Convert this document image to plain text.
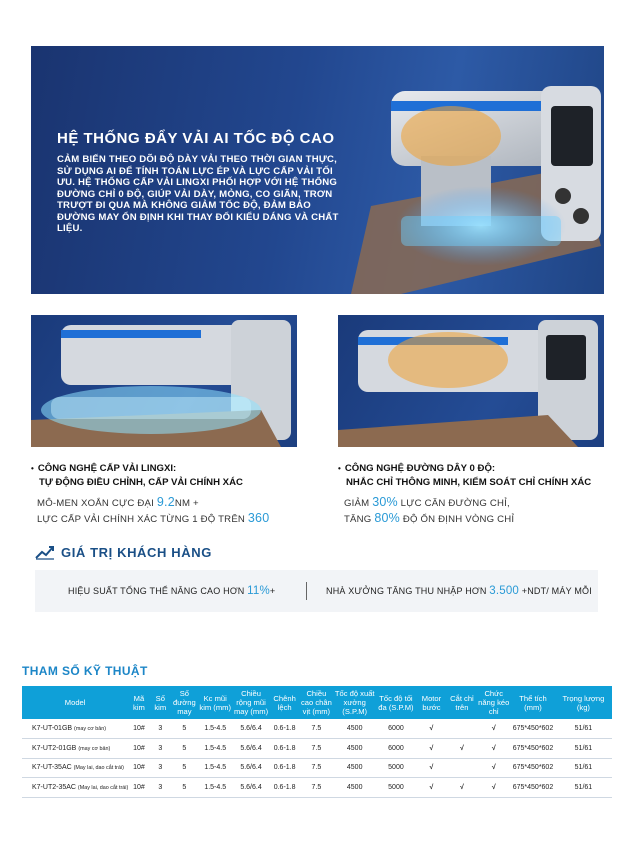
HỆ THỐNG ĐẨY VẢI AI TỐC ĐỘ CAO
CẢM BIẾN THEO DÕI ĐỘ DÀY VẢI THEO THỜI GIAN THỰC,
SỬ DỤNG AI ĐỂ TÍNH TOÁN LỰC ÉP VÀ LỰC CẤP VẢI TỐI
ƯU. HỆ THỐNG CẤP VẢI LINGXI PHỐI HỢP VỚI HỆ THỐNG
ĐƯỜNG CHỈ 0 ĐỘ, GIÚP VẢI DÀY, MỎNG, CO GIÃN, TRƠN
TRƯỢT ĐI QUA MÀ KHÔNG GIẢM TỐC ĐỘ, ĐẢM BẢO
ĐƯỜNG MAY ỔN ĐỊNH KHI THAY ĐỔI KIỂU DÁNG VÀ CHẤT
LIỆU.
• CÔNG NGHỆ CẤP VẢI LINGXI:
TỰ ĐỘNG ĐIỀU CHỈNH, CẤP VẢI CHÍNH XÁC
MÔ-MEN XOẮN CỰC ĐẠI 9.2NM +
LỰC CẤP VẢI CHÍNH XÁC TỪNG 1 ĐỘ TRÊN 360
• CÔNG NGHỆ ĐƯỜNG DÂY 0 ĐỘ:
NHẮC CHỈ THÔNG MINH, KIỂM SOÁT CHỈ CHÍNH XÁC
GIẢM 30% LỰC CĂN ĐƯỜNG CHỈ,
TĂNG 80% ĐỘ ỔN ĐỊNH VÒNG CHỈ
GIÁ TRỊ KHÁCH HÀNG
HIỆU SUẤT TỔNG THỂ NÂNG CAO HƠN 11%+	NHÀ XƯỞNG TĂNG THU NHẬP HƠN 3.500 +NDT/ MÁY MỖI
THAM SỐ KỸ THUẬT
Model	Mã kim	Số kim	Số đường may	Kc mũi kim (mm)	Chiều rộng mũi may (mm)	Chênh lệch	Chiều cao chân vịt (mm)	Tốc độ xuất xưởng (S.P.M)	Tốc độ tối đa (S.P.M)	Motor bước	Cắt chỉ trên	Chức năng kéo chỉ	Thể tích (mm)	Trọng lượng (kg)
K7-UT-01GB (may cơ bản)	10#	3	5	1.5-4.5	5.6/6.4	0.6-1.8	7.5	4500	6000	√		√	675*450*602	51/61
K7-UT2-01GB (may cơ bản)	10#	3	5	1.5-4.5	5.6/6.4	0.6-1.8	7.5	4500	6000	√	√	√	675*450*602	51/61
K7-UT-35AC (May lai, dao cắt trái)	10#	3	5	1.5-4.5	5.6/6.4	0.6-1.8	7.5	4500	5000	√		√	675*450*602	51/61
K7-UT2-35AC (May lai, dao cắt trái)	10#	3	5	1.5-4.5	5.6/6.4	0.6-1.8	7.5	4500	5000	√	√	√	675*450*602	51/61
